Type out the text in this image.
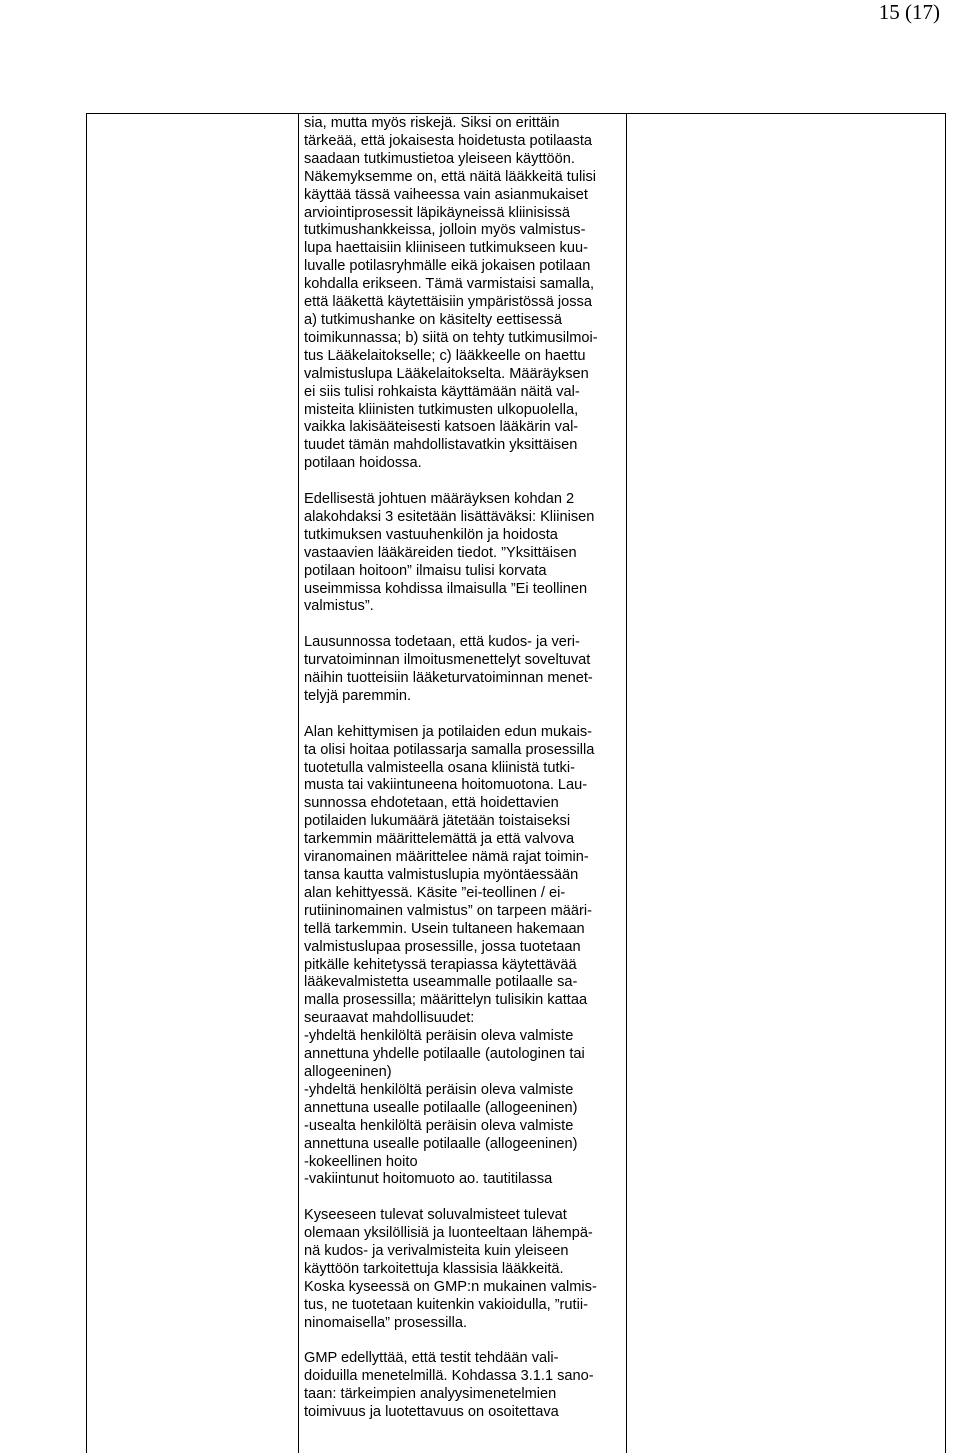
15 (17)

sia, mutta myös riskejä. Siksi on erittäin
tärkeää, että jokaisesta hoidetusta potilaasta
saadaan tutkimustietoa yleiseen käyttöön.
Näkemyksemme on, että näitä lääkkeitä tulisi
käyttää tässä vaiheessa vain asianmukaiset
arviointiprosessit läpikäyneissä kliinisissä
tutkimushankkeissa, jolloin myös valmistus-
lupa haettaisiin kliiniseen tutkimukseen kuu-
luvalle potilasryhmälle eikä jokaisen potilaan
kohdalla erikseen. Tämä varmistaisi samalla,
että lääkettä käytettäisiin ympäristössä jossa
a) tutkimushanke on käsitelty eettisessä
toimikunnassa; b) siitä on tehty tutkimusilmoi-
tus Lääkelaitokselle; c) lääkkeelle on haettu
valmistuslupa Lääkelaitokselta. Määräyksen
ei siis tulisi rohkaista käyttämään näitä val-
misteita kliinisten tutkimusten ulkopuolella,
vaikka lakisääteisesti katsoen lääkärin val-
tuudet tämän mahdollistavatkin yksittäisen
potilaan hoidossa.

Edellisestä johtuen määräyksen kohdan 2
alakohdaksi 3 esitetään lisättäväksi: Kliinisen
tutkimuksen vastuuhenkilön ja hoidosta
vastaavien lääkäreiden tiedot. ”Yksittäisen
potilaan hoitoon” ilmaisu tulisi korvata
useimmissa kohdissa ilmaisulla ”Ei teollinen
valmistus”.

Lausunnossa todetaan, että kudos- ja veri-
turvatoiminnan ilmoitusmenettelyt soveltuvat
näihin tuotteisiin lääketurvatoiminnan menet-
telyjä paremmin.

Alan kehittymisen ja potilaiden edun mukais-
ta olisi hoitaa potilassarja samalla prosessilla
tuotetulla valmisteella osana kliinistä tutki-
musta tai vakiintuneena hoitomuotona. Lau-
sunnossa ehdotetaan, että hoidettavien
potilaiden lukumäärä jätetään toistaiseksi
tarkemmin määrittelemättä ja että valvova
viranomainen määrittelee nämä rajat toimin-
tansa kautta valmistuslupia myöntäessään
alan kehittyessä. Käsite ”ei-teollinen / ei-
rutiininomainen valmistus” on tarpeen määri-
tellä tarkemmin. Usein tultaneen hakemaan
valmistuslupaa prosessille, jossa tuotetaan
pitkälle kehitetyssä terapiassa käytettävää
lääkevalmistetta useammalle potilaalle sa-
malla prosessilla; määrittelyn tulisikin kattaa
seuraavat mahdollisuudet:
-yhdeltä henkilöltä peräisin oleva valmiste
annettuna yhdelle potilaalle (autologinen tai
allogeeninen)
-yhdeltä henkilöltä peräisin oleva valmiste
annettuna usealle potilaalle (allogeeninen)
-usealta henkilöltä peräisin oleva valmiste
annettuna usealle potilaalle (allogeeninen)
-kokeellinen hoito
-vakiintunut hoitomuoto ao. tautitilassa

Kyseeseen tulevat soluvalmisteet tulevat
olemaan yksilöllisiä ja luonteeltaan lähempä-
nä kudos- ja verivalmisteita kuin yleiseen
käyttöön tarkoitettuja klassisia lääkkeitä.
Koska kyseessä on GMP:n mukainen valmis-
tus, ne tuotetaan kuitenkin vakioidulla, ”rutii-
ninomaisella” prosessilla.

GMP edellyttää, että testit tehdään vali-
doiduilla menetelmillä. Kohdassa 3.1.1 sano-
taan: tärkeimpien analyysimenetelmien
toimivuus ja luotettavuus on osoitettava
